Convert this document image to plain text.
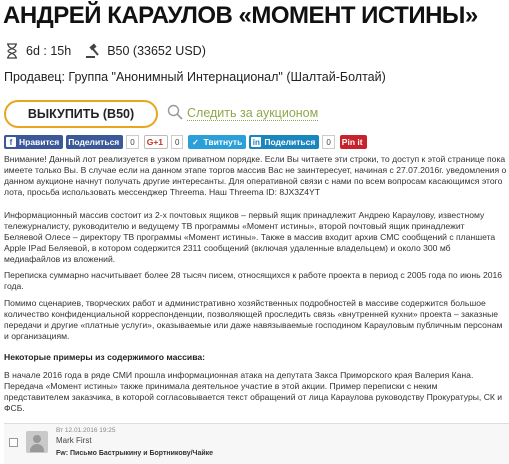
АНДРЕЙ КАРАУЛОВ «МОМЕНТ ИСТИНЫ»
6d : 15h	B50 (33652 USD)
Продавец: Группа "Анонимный Интернационал" (Шалтай-Болтай)
ВЫКУПИТЬ (B50)	Следить за аукционом
f Нравится Поделиться	0	G+1	0	✓ Твитнуть in Поделиться	0	Pin it
Внимание! Данный лот реализуется в узком приватном порядке. Если Вы читаете эти строки, то доступ к этой странице пока имеете только Вы. В случае если на данном этапе торгов массив Вас не заинтересует, начиная с 27.07.2016г. уведомления о данном аукционе начнут получать другие интересанты. Для оперативной связи с нами по всем вопросам касающимся этого лота, просьба использовать мессенджер Threema. Наш Threema ID: 8JX3Z4YT
Информационный массив состоит из 2-х почтовых ящиков – первый ящик принадлежит Андрею Караулову, известному тележурналисту, руководителю и ведущему ТВ программы «Момент истины», второй почтовый ящик принадлежит Беляевой Олесе – директору ТВ программы «Момент истины». Также в массив входит архив СМС сообщений с планшета Apple IPad Беляевой, в котором содержится 2311 сообщений (включая удаленные владельцем) и около 300 мб медиафайлов из вложений.
Переписка суммарно насчитывает более 28 тысяч писем, относящихся к работе проекта в период с 2005 года по июнь 2016 года.
Помимо сценариев, творческих работ и административно хозяйственных подробностей в массиве содержится большое количество конфиденциальной корреспонденции, позволяющей проследить связь «внутренней кухни» проекта – заказные передачи и другие «платные услуги», оказываемые или даже навязываемые господином Карауловым публичным персонам и организациям.
Некоторые примеры из содержимого массива:
В начале 2016 года в ряде СМИ прошла информационная атака на депутата Закса Приморского края Валерия Кана. Передача «Момент истины» также принимала деятельное участие в этой акции. Пример переписки с неким представителем заказчика, в которой согласовывается текст обращений от лица Караулова руководству Прокуратуры, СК и ФСБ.
Вт 12.01.2016 19:25
Mark First
Fw: Письмо Бастрыкину и Бортникову/Чайке
